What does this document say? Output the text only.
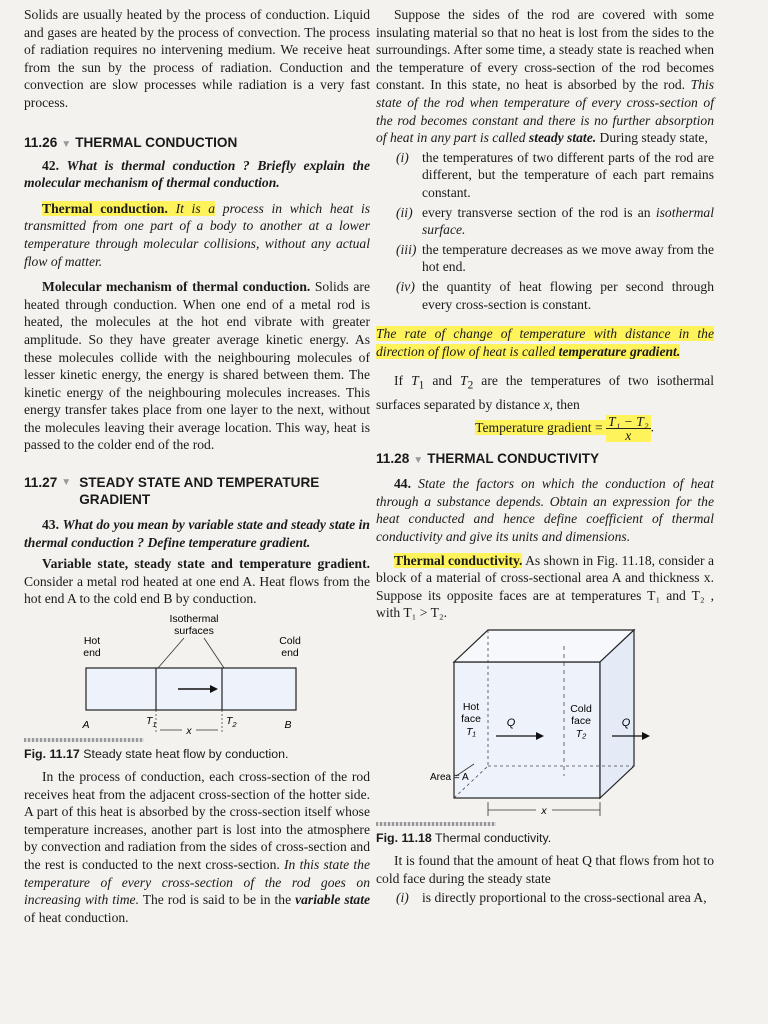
Solids are usually heated by the process of conduction. Liquid and gases are heated by the process of convection. The process of radiation requires no intervening medium. We receive heat from the sun by the process of radiation. Conduction and convection are slow processes while radiation is a very fast process.

11.26 ▼ THERMAL CONDUCTION

42. What is thermal conduction ? Briefly explain the molecular mechanism of thermal conduction.

Thermal conduction. It is a process in which heat is transmitted from one part of a body to another at a lower temperature through molecular collisions, without any actual flow of matter.

Molecular mechanism of thermal conduction. Solids are heated through conduction. When one end of a metal rod is heated, the molecules at the hot end vibrate with greater amplitude. So they have greater average kinetic energy. As these molecules collide with the neighbouring molecules of lesser kinetic energy, the energy is shared between them. The kinetic energy of the neighbouring molecules increases. This energy transfer takes place from one layer to the next, without the molecules leaving their average location. This way, heat is passed to the colder end of the rod.

11.27 ▼ STEADY STATE AND TEMPERATURE GRADIENT

43. What do you mean by variable state and steady state in thermal conduction ? Define temperature gradient.

Variable state, steady state and temperature gradient. Consider a metal rod heated at one end A. Heat flows from the hot end A to the cold end B by conduction.

Isothermal
surfaces
Hot
end
Cold
end
A	B
$T_1$	$T_2$
x
Fig. 11.17 Steady state heat flow by conduction.

In the process of conduction, each cross-section of the rod receives heat from the adjacent cross-section of the hotter side. A part of this heat is absorbed by the cross-section itself whose temperature increases, another part is lost into the atmosphere by convection and radiation from the sides of cross-section and the rest is conducted to the next cross-section. In this state the temperature of every cross-section of the rod goes on increasing with time. The rod is said to be in the variable state of heat conduction.

Suppose the sides of the rod are covered with some insulating material so that no heat is lost from the sides to the surroundings. After some time, a steady state is reached when the temperature of every cross-section of the rod becomes constant. In this state, no heat is absorbed by the rod. This state of the rod when temperature of every cross-section of the rod becomes constant and there is no further absorption of heat in any part is called steady state. During steady state,

(i) the temperatures of two different parts of the rod are different, but the temperature of each part remains constant.
(ii) every transverse section of the rod is an isothermal surface.
(iii) the temperature decreases as we move away from the hot end.
(iv) the quantity of heat flowing per second through every cross-section is constant.

The rate of change of temperature with distance in the direction of flow of heat is called temperature gradient.

If $T_1$ and $T_2$ are the temperatures of two isothermal surfaces separated by distance x, then

Temperature gradient = $\frac{\text{T₁ − T₂}}{x}$ .
11.28 ▼ THERMAL CONDUCTIVITY

44. State the factors on which the conduction of heat through a substance depends. Obtain an expression for the heat conducted and hence define coefficient of thermal conductivity and give its units and dimensions.

Thermal conductivity. As shown in Fig. 11.18, consider a block of a material of cross-sectional area A and thickness x. Suppose its opposite faces are at temperatures T₁ and T₂ , with T₁ > T₂.

Hot
face
T₁
Q
Cold
face
T₂
Q
Area = A
x
Fig. 11.18 Thermal conductivity.

It is found that the amount of heat Q that flows from hot to cold face during the steady state

(i) is directly proportional to the cross-sectional area A,
